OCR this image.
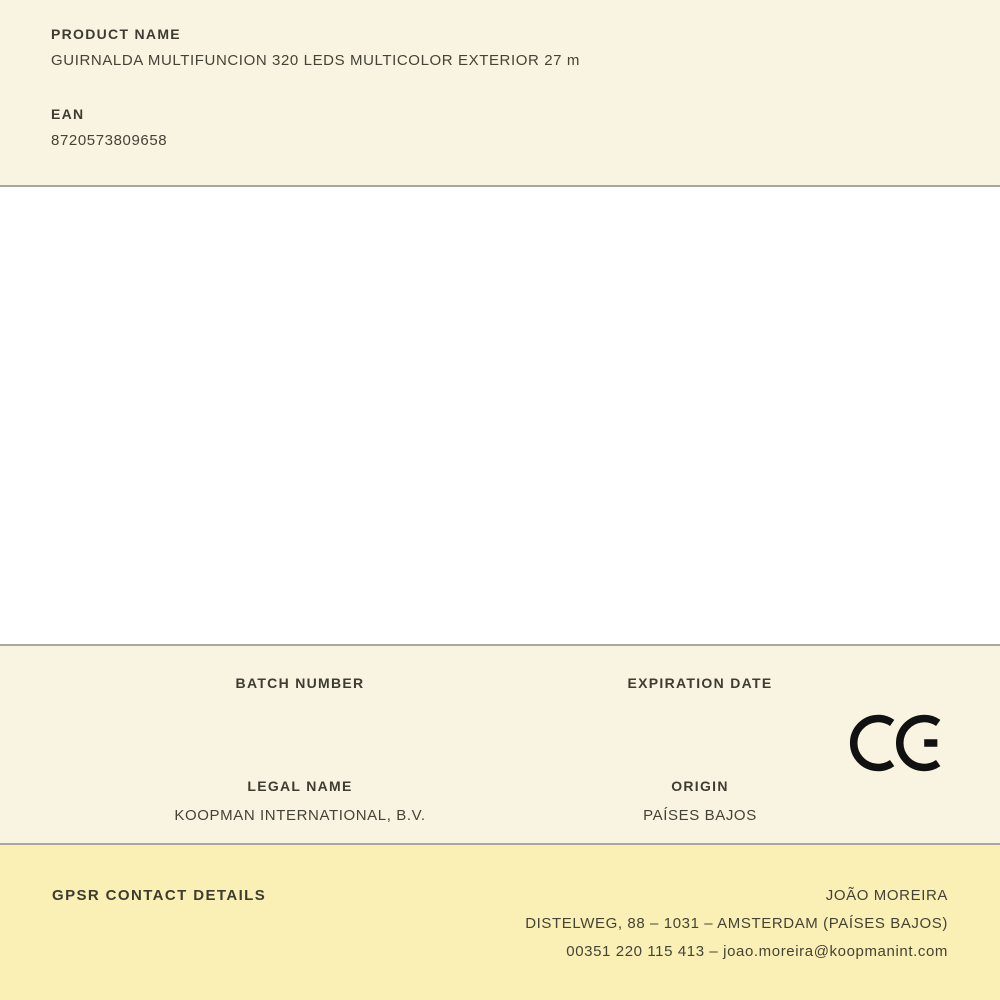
PRODUCT NAME
GUIRNALDA MULTIFUNCION 320 LEDS MULTICOLOR EXTERIOR 27 m
EAN
8720573809658
BATCH NUMBER	EXPIRATION DATE
LEGAL NAME
KOOPMAN INTERNATIONAL, B.V.
ORIGIN
PAÍSES BAJOS
GPSR CONTACT DETAILS	JOÃO MOREIRA
DISTELWEG, 88 – 1031 – AMSTERDAM (PAÍSES BAJOS)
00351 220 115 413 – joao.moreira@koopmanint.com
